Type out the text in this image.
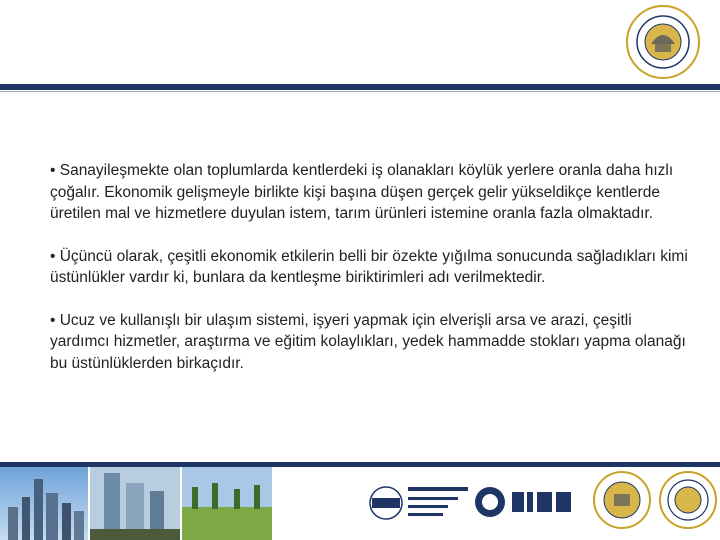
• Sanayileşmekte olan toplumlarda kentlerdeki iş olanakları köylük yerlere oranla daha hızlı çoğalır. Ekonomik gelişmeyle birlikte kişi başına düşen gerçek gelir yükseldikçe kentlerde üretilen mal ve hizmetlere duyulan istem, tarım ürünleri istemine oranla fazla olmaktadır.

• Üçüncü olarak, çeşitli ekonomik etkilerin belli bir özekte yığılma sonucunda sağladıkları kimi üstünlükler vardır ki, bunlara da kentleşme biriktirimleri adı verilmektedir.

• Ucuz ve kullanışlı bir ulaşım sistemi, işyeri yapmak için elverişli arsa ve arazi, çeşitli yardımcı hizmetler, araştırma ve eğitim kolaylıkları, yedek hammadde stokları yapma olanağı bu üstünlüklerden birkaçıdır.
